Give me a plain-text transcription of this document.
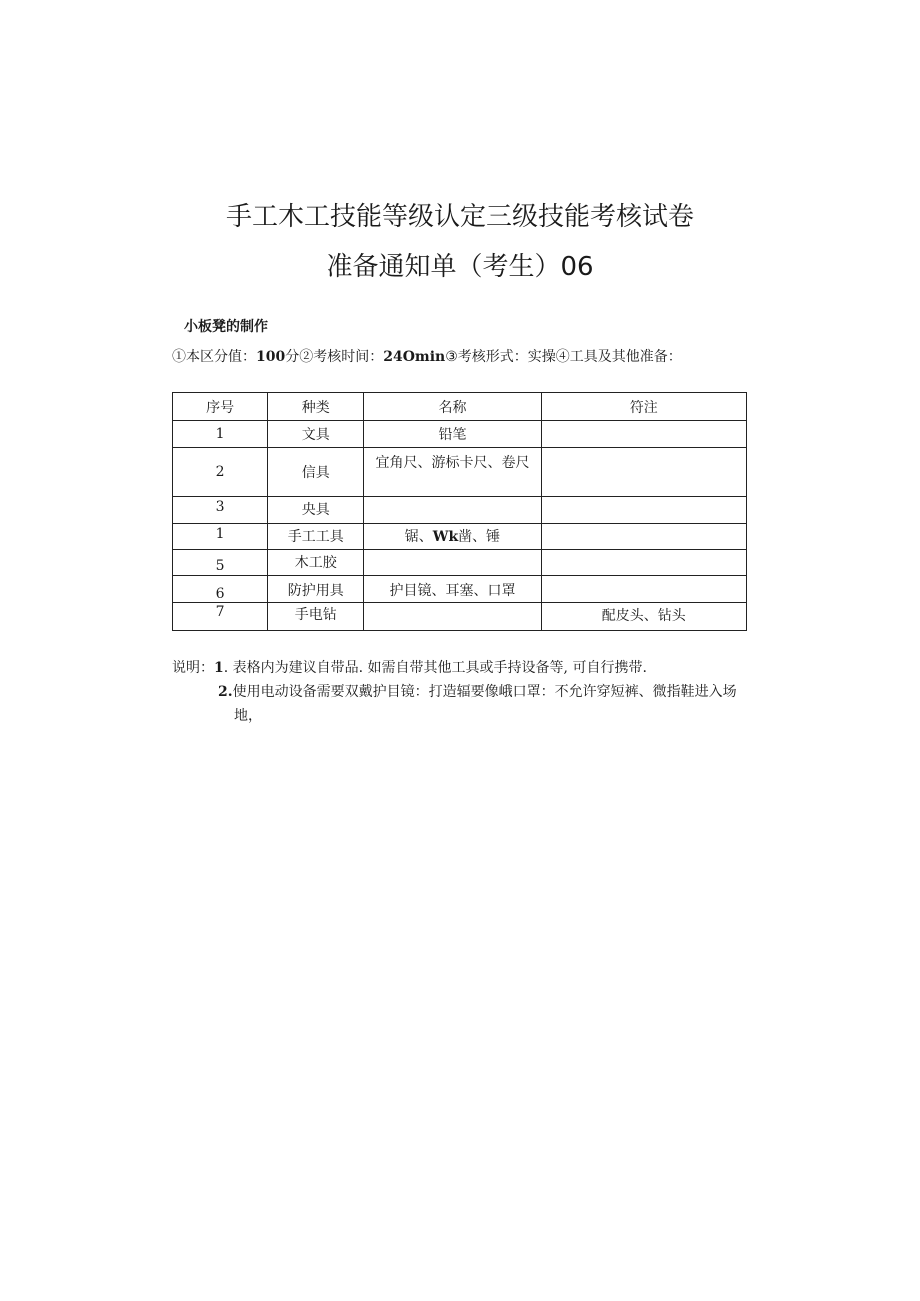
手工木工技能等级认定三级技能考核试卷
准备通知单（考生）06
小板凳的制作
①本区分值：100分②考核时间：24Omin③考核形式：实操④工具及其他准备：
序号	种类	名称	符注
1	文具	铅笔	
2	信具	宜角尺、游标卡尺、卷尺	
3	央具		
1	手工工具	锯、Wk凿、锤	
5	木工胶		
6	防护用具	护目镜、耳塞、口罩	
7	手电钻		配皮头、钻头
说明：1. 表格内为建议自带品. 如需自带其他工具或手持设备等, 可自行携带.
2.使用电动设备需要双戴护目镜：打造辐要像峨口罩：不允许穿短裤、微指鞋进入场
地，
